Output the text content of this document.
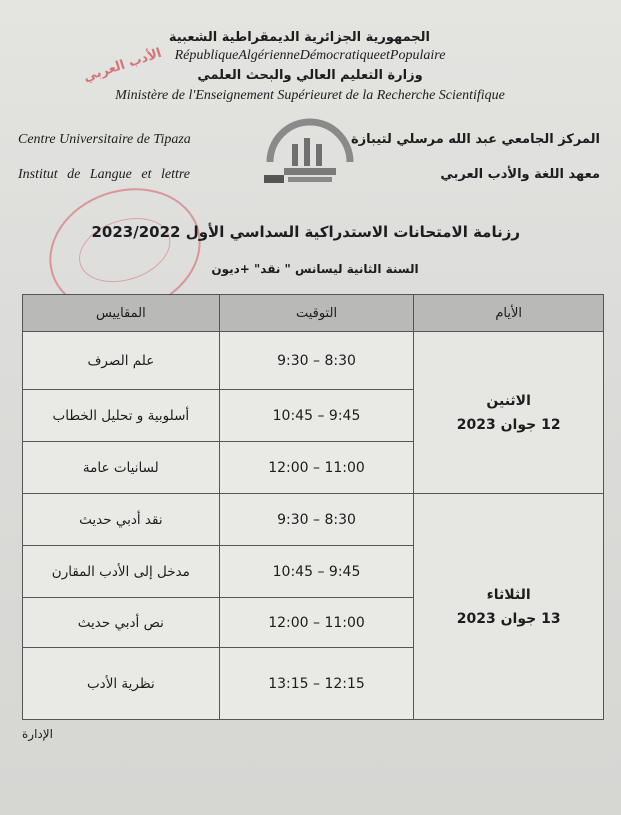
الجمهورية الجزائرية الديمقراطية الشعبية
RépubliqueAlgérienneDémocratiqueetPopulaire
وزارة التعليم العالي والبحث العلمي
Ministère de l'Enseignement Supérieuret de la Recherche Scientifique
Centre Universitaire de Tipaza
Institut de Langue et lettre
المركز الجامعي عبد الله مرسلي لتيبازة
معهد اللغة والأدب العربي
الأدب العربي
رزنامة الامتحانات الاستدراكية السداسي الأول 2023/2022
السنة الثانية ليسانس " نقد" +ديون
الأيام	التوقيت	المقاييس

الاثنين
12 جوان 2023	8:30 – 9:30	علم الصرف
	9:45 – 10:45	أسلوبية و تحليل الخطاب
	11:00 – 12:00	لسانيات عامة

الثلاثاء
13 جوان 2023	8:30 – 9:30	نقد أدبي حديث
	9:45 – 10:45	مدخل إلى الأدب المقارن
	11:00 – 12:00	نص أدبي حديث
	12:15 – 13:15	نظرية الأدب
الإدارة
